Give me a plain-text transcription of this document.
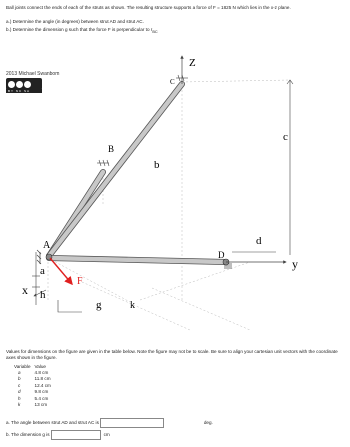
Ball joints connect the ends of each of the struts as shown. The resulting structure supports a force of F = 1825 N which lies in the x-z plane.

a.) Determine the angle (in degrees) between strut AD and strut AC.
b.) Determine the dimension g such that the force F is perpendicular to $r_{BC}$
2013 Michael Swanbom
BY NC SA
A
B
C
D
F
Z
y
x
a
b
c
d
g
h
k
Values for dimensions on the figure are given in the table below. Note the figure may not be to scale. Be sure to align your cartesian unit vectors with the coordinate axes shown in the figure.
Variable	Value
a	4.8 cm
b	11.8 cm
c	12.4 cm
d	9.8 cm
h	5.4 cm
k	13 cm
a. The angle between strut AD and strut AC is	deg.
b. The dimension g is	cm
